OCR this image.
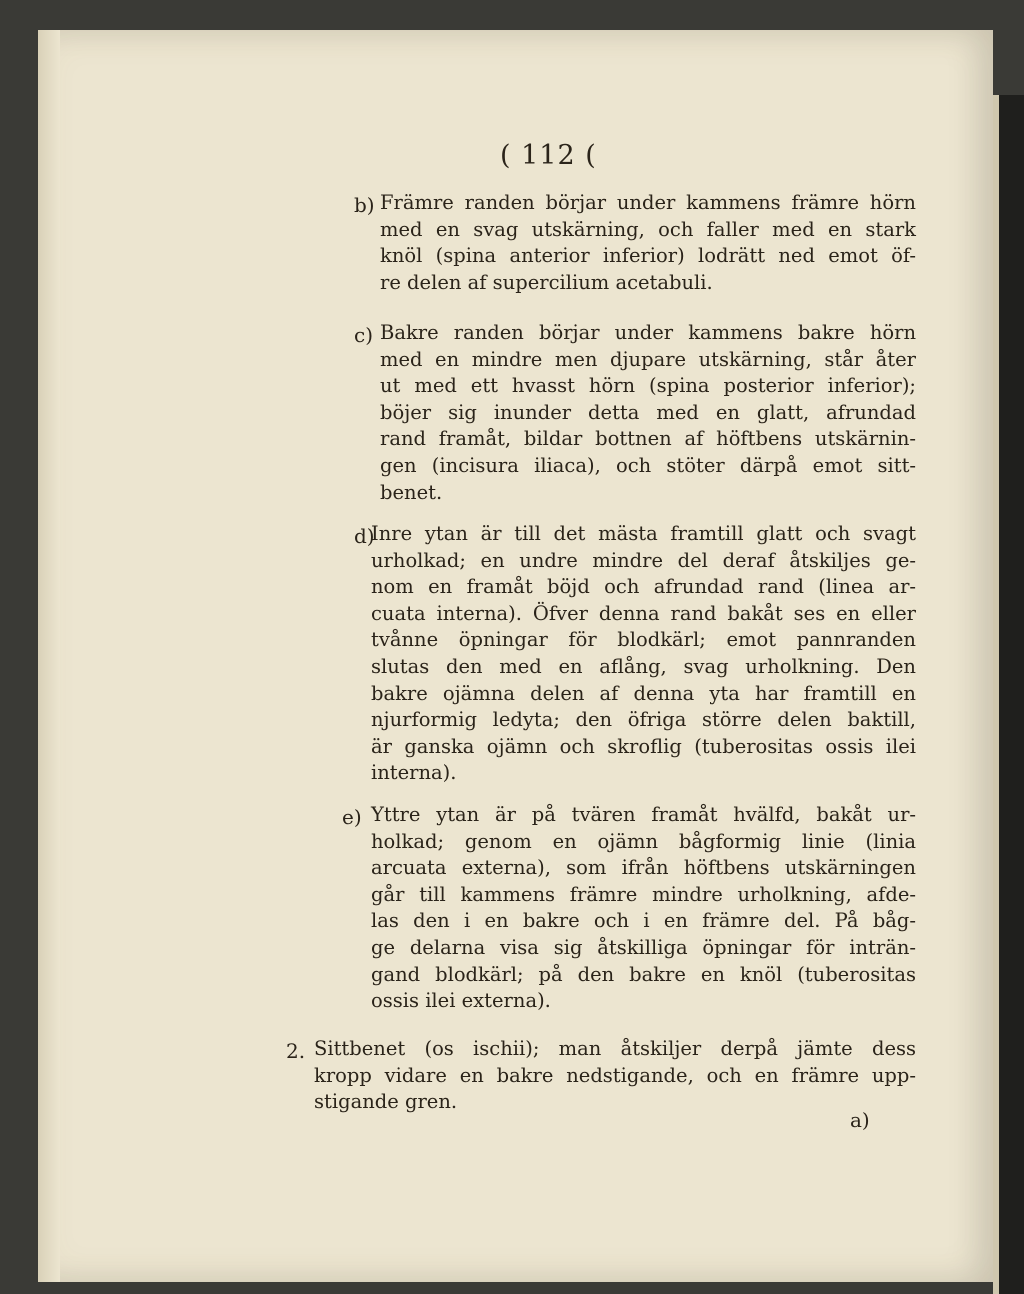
( 112 (
b) Främre randen börjar under kammens främre hörn
med en svag utskärning, och faller med en stark
knöl (spina anterior inferior) lodrätt ned emot öf-
re delen af supercilium acetabuli.
c) Bakre randen börjar under kammens bakre hörn
med en mindre men djupare utskärning, står åter
ut med ett hvasst hörn (spina posterior inferior);
böjer sig inunder detta med en glatt, afrundad
rand framåt, bildar bottnen af höftbens utskärnin-
gen (incisura iliaca), och stöter därpå emot sitt-
benet.
d)
Inre ytan är till det mästa framtill glatt och svagt
urholkad; en undre mindre del deraf åtskiljes ge-
nom en framåt böjd och afrundad rand (linea ar-
cuata interna). Öfver denna rand bakåt ses en eller
tvånne öpningar för blodkärl; emot pannranden
slutas den med en aflång, svag urholkning. Den
bakre ojämna delen af denna yta har framtill en
njurformig ledyta; den öfriga större delen baktill,
är ganska ojämn och skroflig (tuberositas ossis ilei
interna).
e) Yttre ytan är på tvären framåt hvälfd, bakåt ur-
holkad; genom en ojämn bågformig linie (linia
arcuata externa), som ifrån höftbens utskärningen
går till kammens främre mindre urholkning, afde-
las den i en bakre och i en främre del. På båg-
ge delarna visa sig åtskilliga öpningar för inträn-
gand blodkärl; på den bakre en knöl (tuberositas
ossis ilei externa).
2. Sittbenet (os ischii); man åtskiljer derpå jämte dess
kropp vidare en bakre nedstigande, och en främre upp-
stigande gren.
a)
